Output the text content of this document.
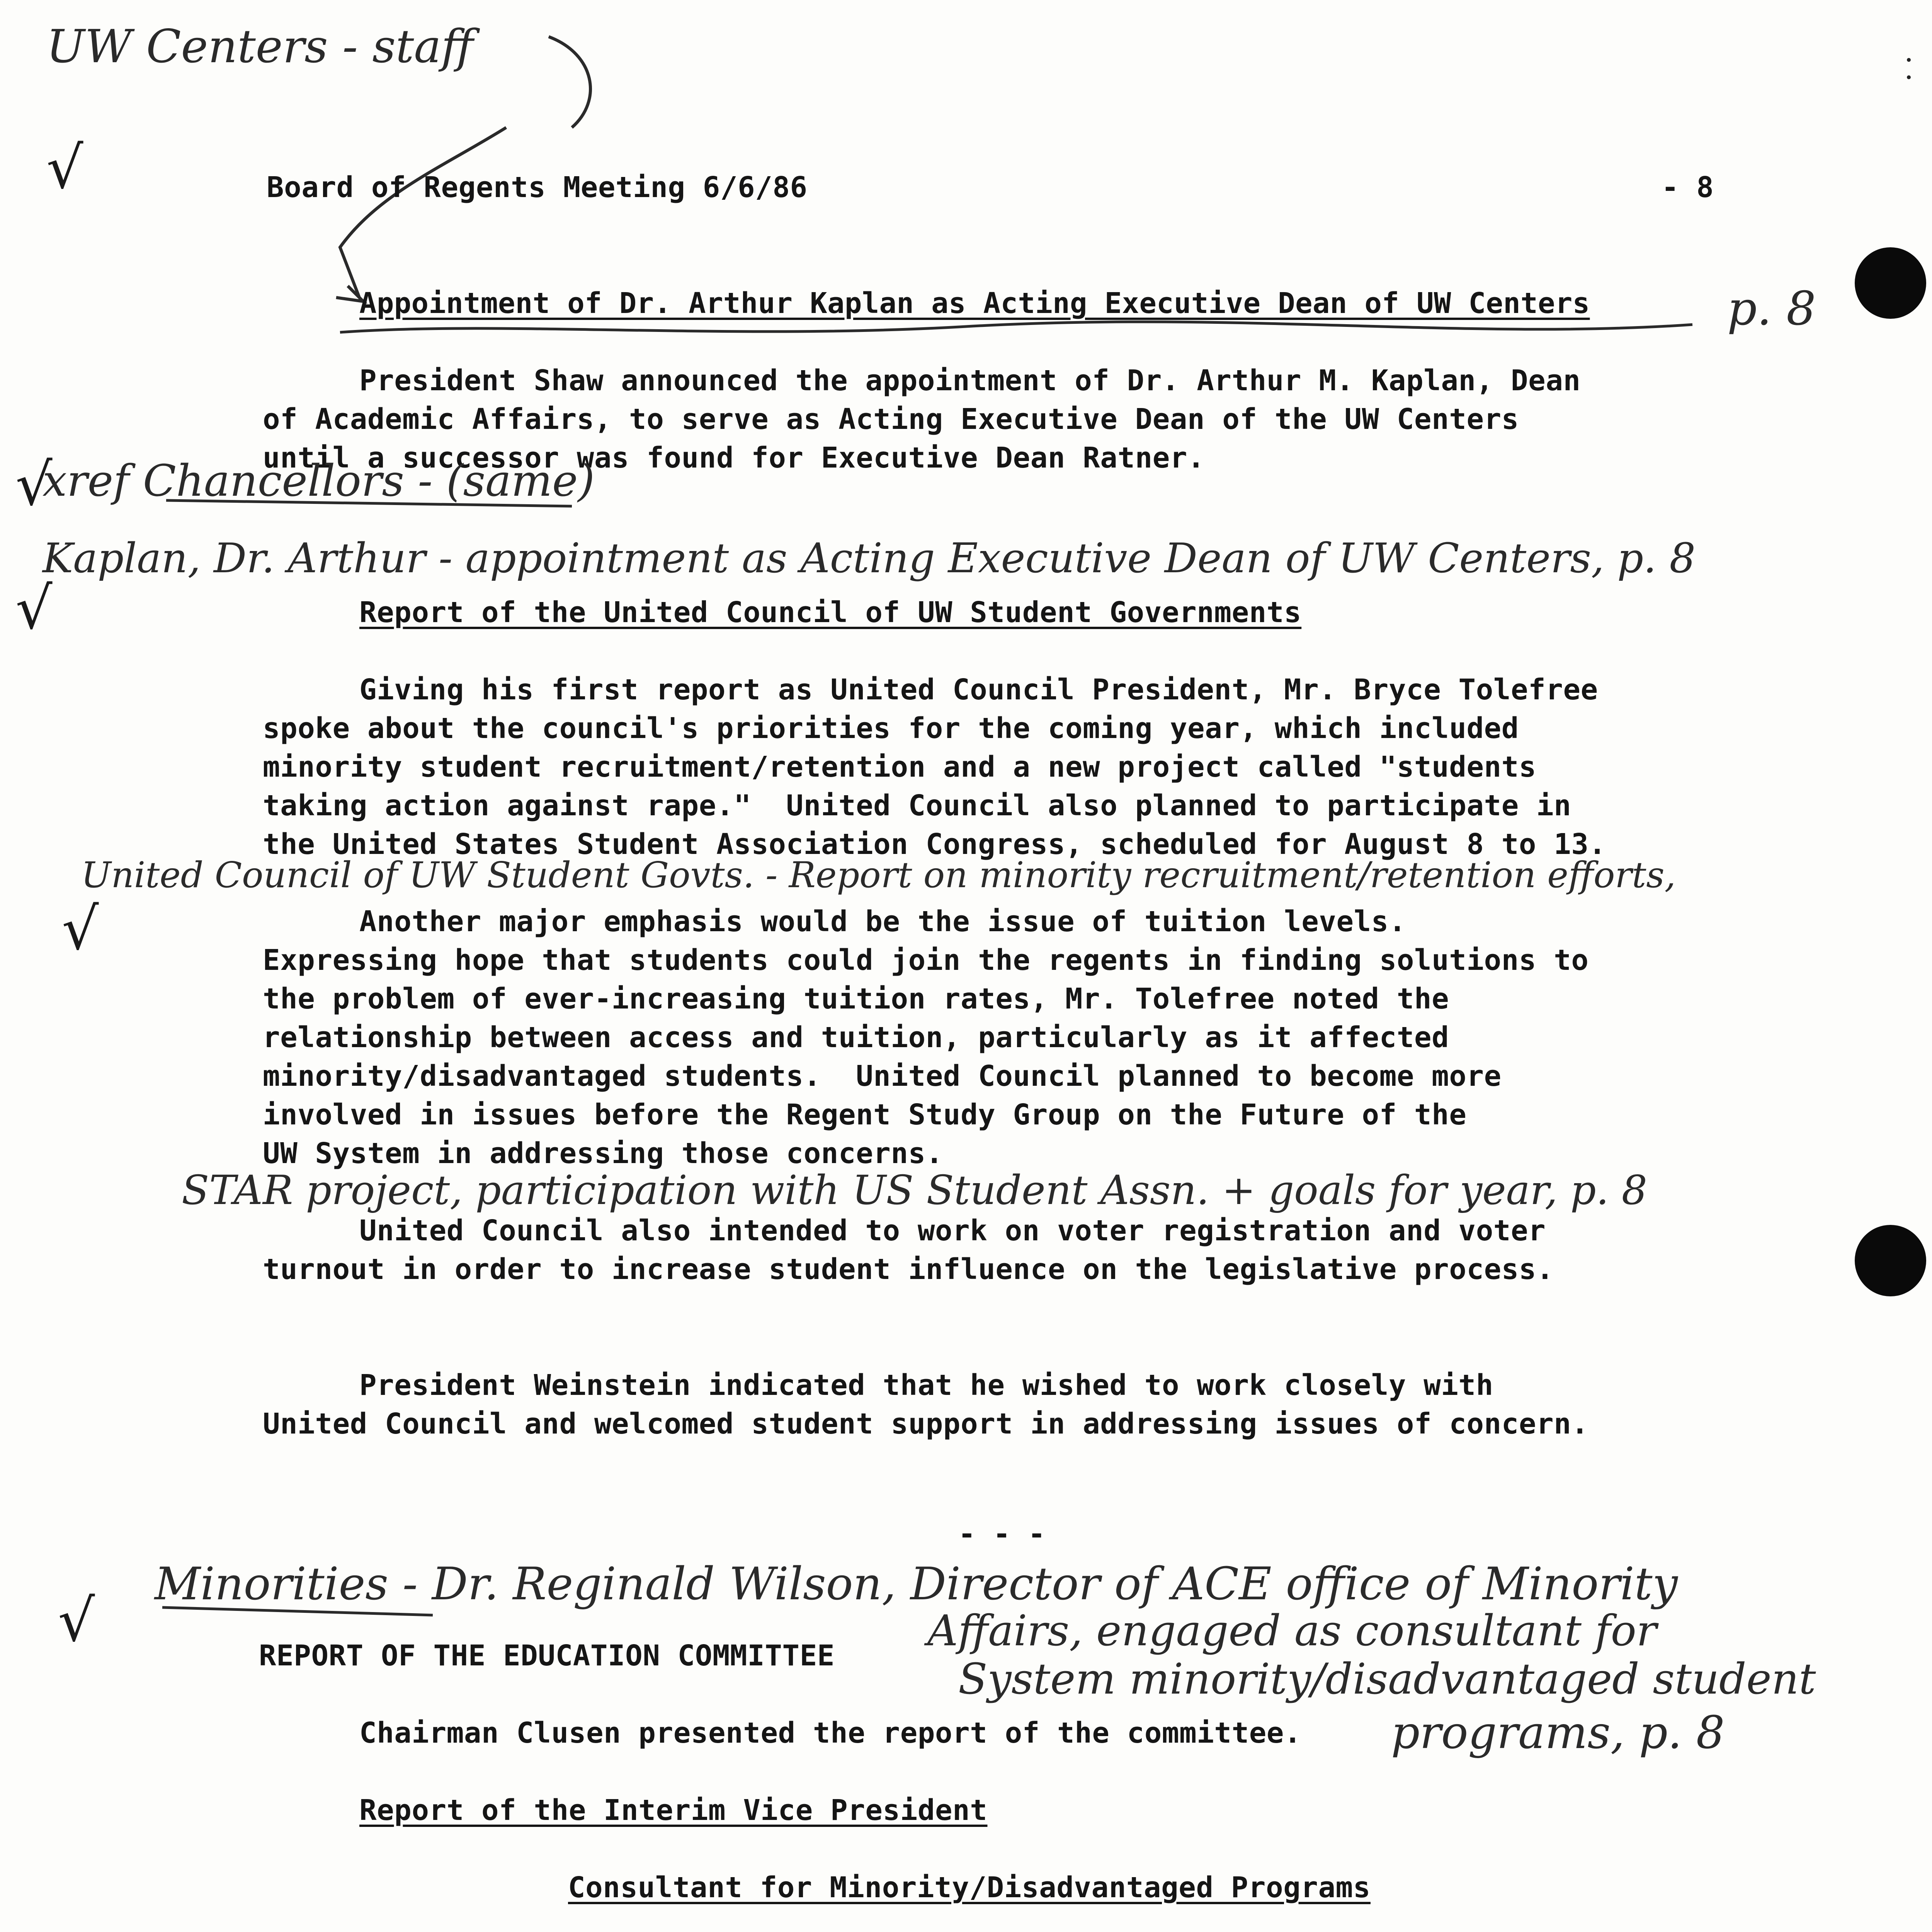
UW Centers - staff
√	Board of Regents Meeting 6/6/86	- 8
Appointment of Dr. Arthur Kaplan as Acting Executive Dean of UW Centers	p. 8
President Shaw announced the appointment of Dr. Arthur M. Kaplan, Dean
of Academic Affairs, to serve as Acting Executive Dean of the UW Centers
until a successor was found for Executive Dean Ratner.
√
xref Chancellors - (same)
Kaplan, Dr. Arthur - appointment as Acting Executive Dean of UW Centers, p. 8
√	Report of the United Council of UW Student Governments
Giving his first report as United Council President, Mr. Bryce Tolefree
spoke about the council's priorities for the coming year, which included
minority student recruitment/retention and a new project called "students
taking action against rape."  United Council also planned to participate in
the United States Student Association Congress, scheduled for August 8 to 13.
United Council of UW Student Govts. - Report on minority recruitment/retention efforts,
√	Another major emphasis would be the issue of tuition levels.
Expressing hope that students could join the regents in finding solutions to
the problem of ever-increasing tuition rates, Mr. Tolefree noted the
relationship between access and tuition, particularly as it affected
minority/disadvantaged students.  United Council planned to become more
involved in issues before the Regent Study Group on the Future of the
UW System in addressing those concerns.
STAR project, participation with US Student Assn. + goals for year, p. 8
United Council also intended to work on voter registration and voter
turnout in order to increase student influence on the legislative process.
President Weinstein indicated that he wished to work closely with
United Council and welcomed student support in addressing issues of concern.
- - -
Minorities - Dr. Reginald Wilson, Director of ACE office of Minority
√	Affairs, engaged as consultant for
System minority/disadvantaged student
REPORT OF THE EDUCATION COMMITTEE
Chairman Clusen presented the report of the committee. programs, p. 8
Report of the Interim Vice President
Consultant for Minority/Disadvantaged Programs
